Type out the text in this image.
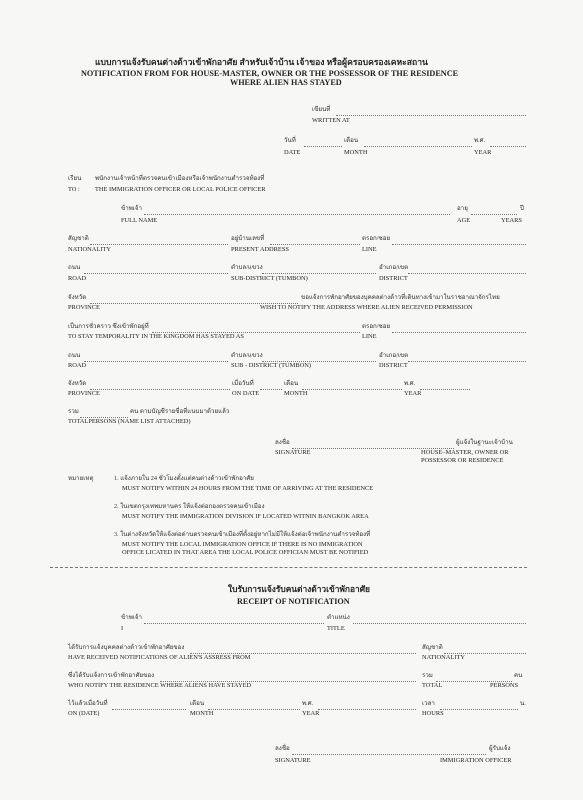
แบบการแจ้งรับคนต่างด้าวเข้าพักอาศัย สำหรับเจ้าบ้าน เจ้าของ หรือผู้ครอบครองเคหะสถาน
NOTIFICATION FROM FOR HOUSE-MASTER, OWNER OR THE POSSESSOR OF THE RESIDENCE
WHERE ALIEN HAS STAYED
เขียนที่
WRITTEN AT
วันที่	เดือน	พ.ศ.
DATE	MONTH	YEAR
เรียน พนักงานเจ้าหน้าที่ตรวจคนเข้าเมืองหรือเจ้าพนักงานตำรวจท้องที่
TO : THE IMMIGRATION OFFICER OR LOCAL POLICE OFFICER
ข้าพเจ้า	อายุ	ปี
FULL NAME	AGE	YEARS
สัญชาติ	อยู่บ้านเลขที่	ตรอก/ซอย
NATIONALITY	PRESENT ADDRESS	LINE
ถนน	ตำบล/แขวง	อำเภอ/เขต
ROAD	SUB-DISTRICT (TUMBON)	DISTRICT
จังหวัด	ขอแจ้งการพักอาศัยของบุคคลต่างด้าวที่เดินทางเข้ามาในราชอาณาจักรไทย
PROVINCE	WISH TO NOTIFY THE ADDRESS WHERE ALIEN RECEIVED PERMISSION
เป็นการชั่วคราว ซึ่งเข้าพักอยู่ที่	ตรอก/ซอย
TO STAY TEMPORALITY IN THE KINGDOM HAS STAYED AS	LINE
ถนน	ตำบล/แขวง	อำเภอ/เขต
ROAD	SUB - DISTRICT (TUMBON)	DISTRICT
จังหวัด	เมื่อวันที่	เดือน	พ.ศ.
PROVINCE	ON DATE	MONTH	YEAR
รวม	คน ตามบัญชีรายชื่อที่แนบมาด้วยแล้ว
TOTALPERSONS (NAME LIST ATTACHED)
ลงชื่อ	ผู้แจ้งในฐานะเจ้าบ้าน
SIGNATURE	HOUSE–MASTER, OWNER OR
POSSESSOR OR RESIDENCE
หมายเหตุ	1. แจ้งภายใน 24 ชั่วโมงตั้งแต่คนต่างด้าวเข้าพักอาศัย
MUST NOTIFY WITHIN 24 HOURS FROM THE TIME OF ARRIVING AT THE RESIDENCE
2. ในเขตกรุงเทพมหานคร ให้แจ้งต่อกองตรวจคนเข้าเมือง
MUST NOTIFY THE IMMIGRATION DIVISION IF LOCATED WITNIN BANGKOK AREA
3. ในต่างจังหวัดให้แจ้งต่อด่านตรวจคนเข้าเมืองที่ตั้งอยู่หากไม่มีให้แจ้งต่อเจ้าพนักงานตำรวจท้องที่
MUST NOTIFY THE LOCAL IMMIGRATION OFFICE IF THERE IS NO IMMIGRATION
OFFICE LICATED IN THAT AREA THE LOCAL POLICE OFFICIAN MUST BE NOTIFIED
ใบรับการแจ้งรับคนต่างด้าวเข้าพักอาศัย
RECEIPT OF NOTIFICATION
ข้าพเจ้า	ตำแหน่ง
I	TITLE
ได้รับการแจ้งบุคคลต่างด้าวเข้าพักอาศัยของ	สัญชาติ
HAVE RECEIVED NOTIFICATIONS OF ALIEN'S ASSRESS FROM	NATIONALITY
ซึ่งได้รับแจ้งการเข้าพักอาศัยของ	รวม	คน
WHO NOTIFY THE RESIDENCE WHERE ALIENS HAVE STAYED	TOTAL	PERSONS
ไว้แล้วเมื่อวันที่	เดือน	พ.ศ.	เวลา	น.
ON (DATE)	MONTH	YEAR	HOURS
ลงชื่อ	ผู้รับแจ้ง
SIGNATURE	IMMIGRATION OFFICER
